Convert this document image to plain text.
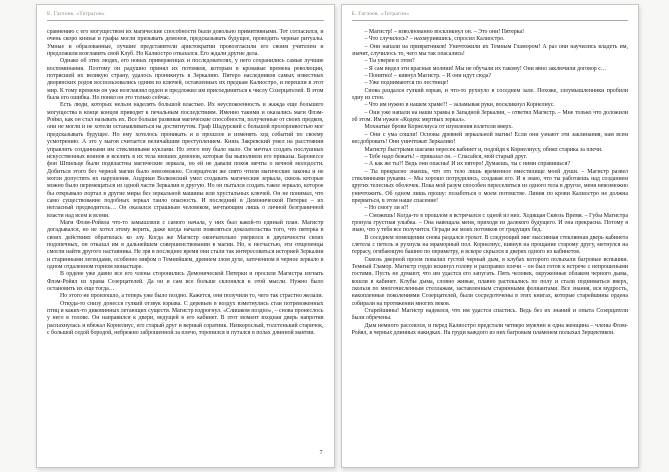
Е. Гаглоев. «Тетрагон»

сравнению с его могуществом их магические способности были довольно примитивными. Тот согласился, и очень скоро князья и графы могли призывать демонов, предсказывать будущее, проводить черные ритуалы. Умные и образованные, лучшие представители аристократии провозгласили его своим учителем и предложили возглавить свой Клуб. Но Калиостро отказался. Его ждали другие дела.

Однако об этих людях, его новых приверженцах и последователях, у него сохранились самые лучшие воспоминания. Поэтому он радушно принял их потомков, которым в кровавые времена революции, потрясшей их великую страну, удалось проникнуть в Зеркалию. Пятеро наследников самых известных дворянских родов воспользовались одним из ключей, оставленных их предкам Калиостро, и перешли в этот мир. К тому времени он уже возглавлял орден и предложил им присоединиться к числу Созерцателей. В этом была его ошибка. Но понял он это только сейчас.

Есть люди, которых нельзя наделять большой властью. Их неуспокоенность и жажда еще большего могущества в конце концов приводят к печальным последствиям. Именно такими и оказались маги Флэм-Ройял, как он стал называть их. Все больше развивая магические способности, полученные от своих предков, они не могли и не хотели останавливаться на достигнутом. Граф Шадурский с большой прозорливостью мог предсказывать будущее. Но ему хотелось проникать и в прошлое и изменять ход событий по своему усмотрению. А это у магов считается величайшим преступлением. Князь Закревский умел на расстоянии управлять созданными им стеклянными куклами. Но этого ему было мало. Он мечтал создать послушных искусственных воинов и вселять в их тела низших демонов, которые бы выполняли его приказы. Баронессе фон Шпильце были подвластны магические зеркала, но ей не давали покоя мечты о вечной молодости. Добиться этого без черной магии было невозможно. Созерцатели же свято чтили магические законы и не могли допустить их нарушения. Андриан Волконский умел создавать магические зеркала, сквозь которые можно было перемещаться из одной части Зеркалии в другую. Но он пытался создать такое зеркало, которое бы открывало портал в другие миры без зеркальной машины или хрустальных ключей. Он не понимал, что само существование подобных зеркал таило опасность. И последний в Демонической Пятерке – их негласный предводитель… Он оказался страшным человеком, мечтающим лишь о личной безграничной власти над всем и всеми.

Маги Флэм-Ройяла что-то замышляли с самого начала, у них был какой-то единый план. Магистр догадывался, но не хотел этому верить, даже когда начали появляться доказательства того, что пятерка в своих действиях обратилась ко злу. Когда же Магистр окончательно уверился в двуличности своих подопечных, он отказал им в дальнейшем совершенствовании в магии. Но, к несчастью, эти отщепенцы смогли найти другого наставника. Не зря в последнее время они стали так интересоваться историей Зеркалии и старинными легендами, особенно мифом о Темнейшем, древнем злом духе, заточенном в черное зеркало в одном отдаленном горном монастыре.

В ордене уже давно все его члены сторонились Демонической Пятерки и просили Магистра изгнать Флэм-Ройял из храма Созерцателей. Да он и сам все больше склонялся к этой мысли. Нужно было остановить их еще тогда…

Но этого не произошло, а теперь уже было поздно. Кажется, они получили то, чего так страстно желали.

Откуда-то снизу донесся гулкий отзвук взрыва. С деревьев в воздух взметнулись стаи потревоженных птиц и каких-то диковинных летающих существ. Магистр вздрогнул. «Слишком поздно», – снова пронеслось у него в голове. Он направился к двери, ведущей в его кабинет. В этот момент входная дверь напротив распахнулась и вбежал Корнелиус, его старый друг и верный соратник. Низкорослый, толстенький старичок, с большой седой бородой, небрежно заброшенной за плечо, торопился и путался в полах длинной мантии.

7
Е. Гаглоев. «Тетрагон»

– Магистр! – взволнованно воскликнул он. – Это они! Пятерка!

– Что случилось? – нахмурившись, спросил Калиостро.

– Они напали на привратников! Уничтожили их Темным Гламором! А раз они научились владеть им, значит, случилось то, чего мы так опасались!

– Ты уверен в этом?

– Я сам видел эти красные молнии! Мы не обучали их такому! Они явно заключили договор с…

– Понятно! – кивнул Магистр. – И они идут сюда?

– Уже поднимаются по лестнице!

Снова раздался гулкий взрыв, и что-то рухнуло в соседнем зале. Похоже, злоумышленники пробили одну из стен.

– Что им нужно в нашем храме?! – заламывая руки, воскликнул Корнелиус.

– Они уже напали на наши храмы в Западной Зеркалии, – ответил Магистр. – Мне только что доложили об этом. Им нужен «Кодекс мертвых зеркал».

Мохнатые брови Корнелиуса от изумления взлетели вверх.

– Они с ума сошли! Основы древней зеркальной магии! Если они узнают эти заклинания, нам всем несдобровать! Они уничтожат Зеркалию!

Магистр быстрыми шагами пересек кабинет и, подойдя к Корнелиусу, обнял старика за плечи.

– Тебе надо бежать! – приказал он. – Спасайся, мой старый друг.

– А как же ты?! Ведь они опасны! И их пятеро! Думаешь, ты с ними справишься?

– Ты прекрасно знаешь, что это тело лишь временное вместилище моей души. – Магистр развел стеклянными руками. – Мы хорошо потрудились, создавая его. И я знаю, что ты работаешь над созданием других телесных оболочек. Пока мой разум способен переселяться из одного тела в другое, меня невозможно уничтожить. Об одном лишь прошу: позаботься о моем потомстве. Линия по крови Калиостро не должна прерваться, в этом наше спасение!

– Но смогу ли я?!

– Сможешь! Когда-то в прошлом я встречался с одной из них. Ходящая Сквозь Время. – Губы Магистра тронула грустная улыбка. – Она навещала меня, приходя из далекого будущего. И она прекрасна. Потому я знаю, что у тебя все получится. Огради же моих потомков от грядущих бед.

В соседнем помещении снова раздался грохот. В следующий миг массивная стеклянная дверь кабинета слетела с петель и рухнула на мраморный пол. Корнелиус, кивнув на прощание старому другу, метнулся на террасу, огибающую башню по периметру, и вскоре скрылся в дверях одного из кабинетов.

Сквозь дверной проем повалил густой черный дым, в клубах которого полыхали багровые вспышки. Темный Гламор. Магистр гордо вскинул голову и расправил плечи – он был готов к встрече с непрошеными гостями. Пусть не думают, что им удастся его запугать. Пять человек, окруженные облаком черного дыма, вошли в кабинет. Клубы дыма, словно живые, плавно растекались по полу и стали подниматься вверх, скользя по многочисленным стеллажам, заставленным старинными фолиантами. Все знания, вся мудрость, накопленные поколениями Созерцателей, были сосредоточены в этих книгах, которые старейшины ордена собирали на протяжении многих веков.

Старейшины! Магистр надеялся, что им удастся спастись. Ведь без их знаний и опыта Созерцатели были обречены.

Дым немного рассеялся, и перед Калиостро предстали четверо мужчин и одна женщина – члены Флэм-Ройял, в черных длинных накидках. На груди каждого из них багровым пламенем полыхал Зерцектикон.
